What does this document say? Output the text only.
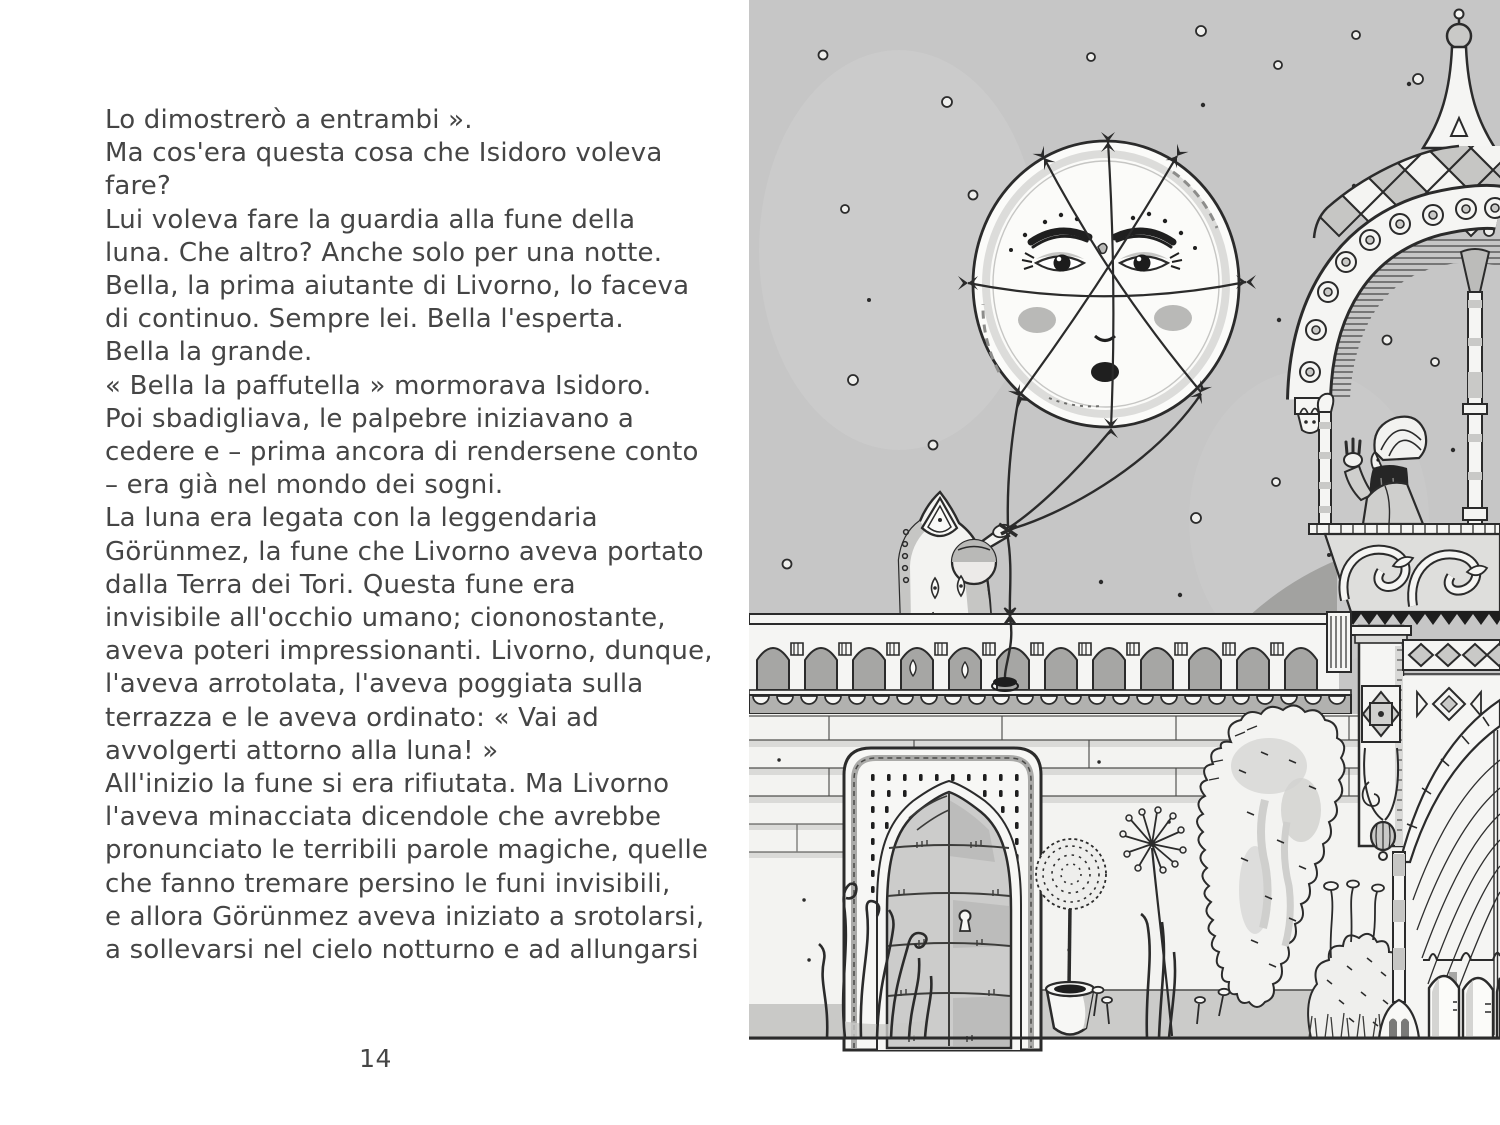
Lo dimostrerò a entrambi ».
Ma cos'era questa cosa che Isidoro voleva
fare?
Lui voleva fare la guardia alla fune della
luna. Che altro? Anche solo per una notte.
Bella, la prima aiutante di Livorno, lo faceva
di continuo. Sempre lei. Bella l'esperta.
Bella la grande.
« Bella la paffutella » mormorava Isidoro.
Poi sbadigliava, le palpebre iniziavano a
cedere e – prima ancora di rendersene conto
– era già nel mondo dei sogni.
La luna era legata con la leggendaria
Görünmez, la fune che Livorno aveva portato
dalla Terra dei Tori. Questa fune era
invisibile all'occhio umano; ciononostante,
aveva poteri impressionanti. Livorno, dunque,
l'aveva arrotolata, l'aveva poggiata sulla
terrazza e le aveva ordinato: « Vai ad
avvolgerti attorno alla luna! »
All'inizio la fune si era rifiutata. Ma Livorno
l'aveva minacciata dicendole che avrebbe
pronunciato le terribili parole magiche, quelle
che fanno tremare persino le funi invisibili,
e allora Görünmez aveva iniziato a srotolarsi,
a sollevarsi nel cielo notturno e ad allungarsi
14
